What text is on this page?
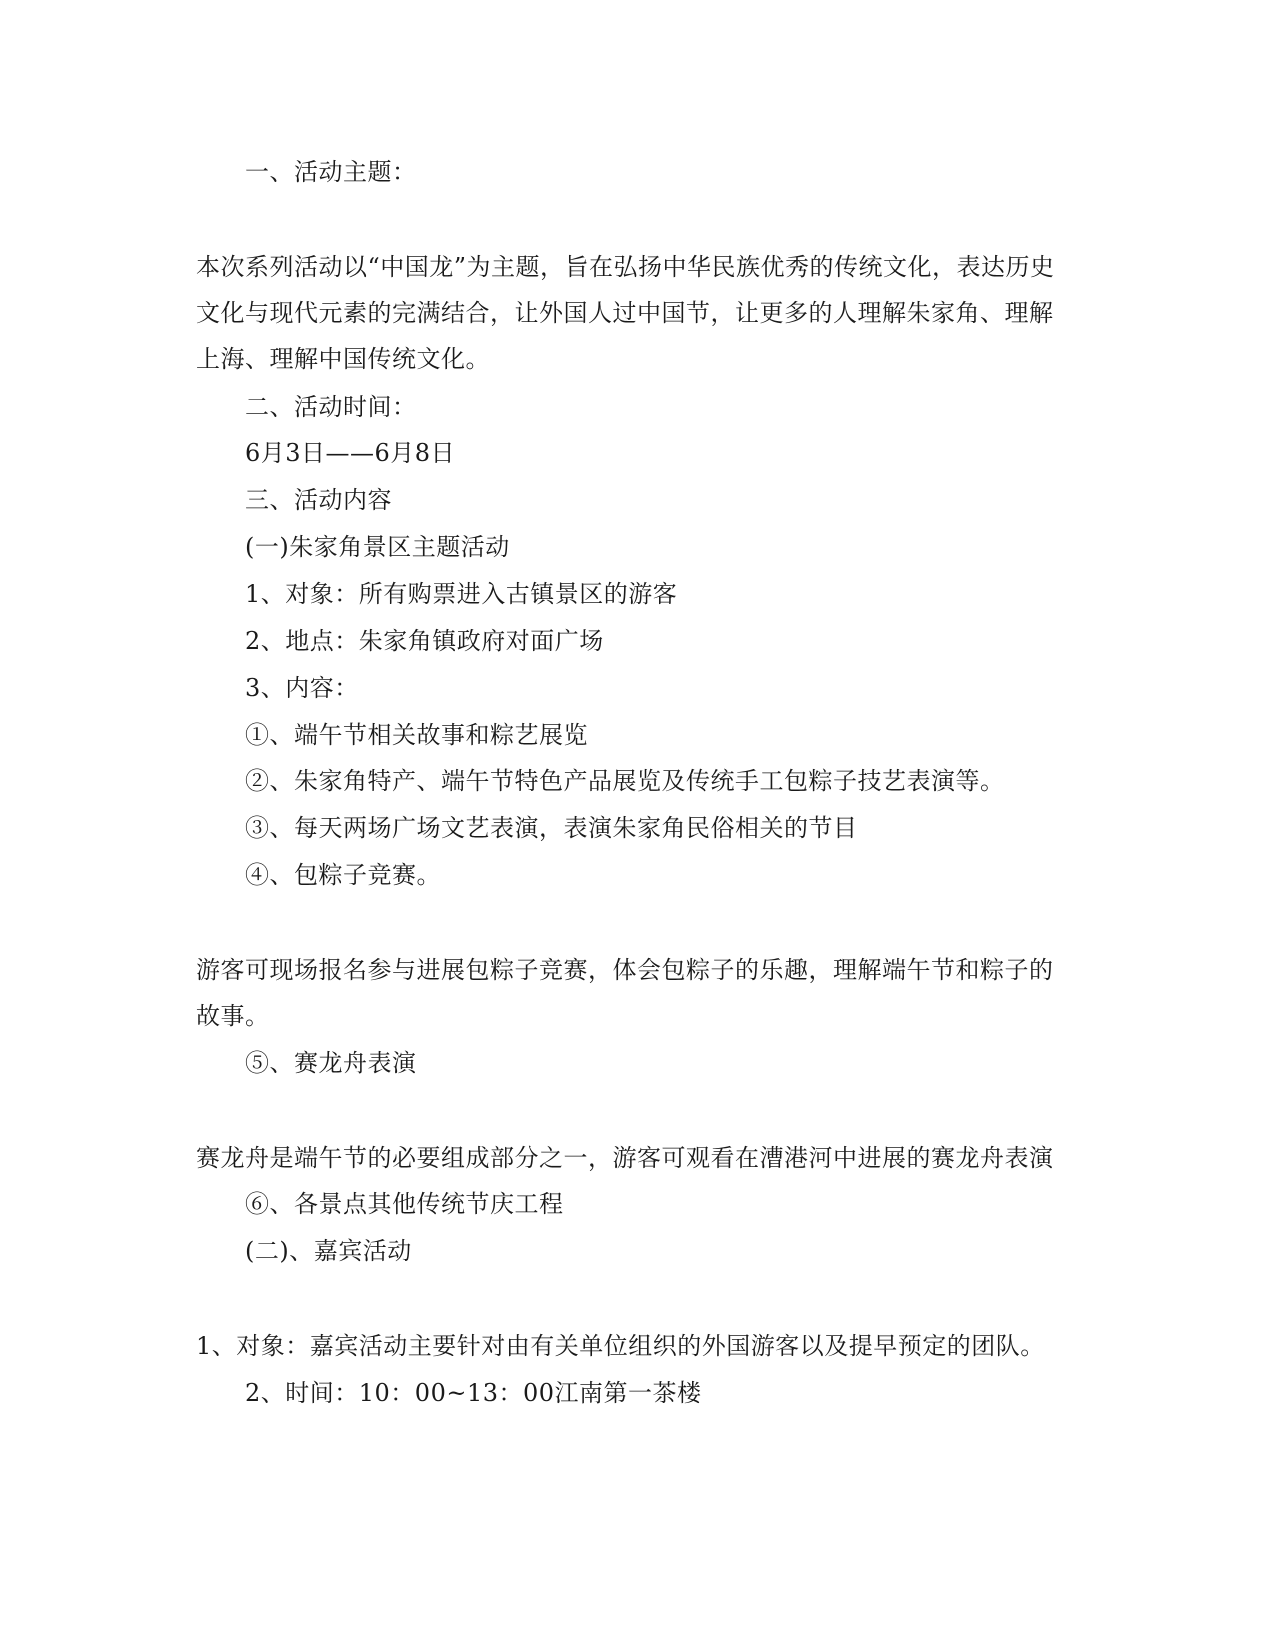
一、活动主题：
本次系列活动以“中国龙”为主题，旨在弘扬中华民族优秀的传统文化，表达历史
文化与现代元素的完满结合，让外国人过中国节，让更多的人理解朱家角、理解
上海、理解中国传统文化。
二、活动时间：
6月3日——6月8日
三、活动内容
(一)朱家角景区主题活动
1、对象：所有购票进入古镇景区的游客
2、地点：朱家角镇政府对面广场
3、内容：
①、端午节相关故事和粽艺展览
②、朱家角特产、端午节特色产品展览及传统手工包粽子技艺表演等。
③、每天两场广场文艺表演，表演朱家角民俗相关的节目
④、包粽子竞赛。
游客可现场报名参与进展包粽子竞赛，体会包粽子的乐趣，理解端午节和粽子的
故事。
⑤、赛龙舟表演
赛龙舟是端午节的必要组成部分之一，游客可观看在漕港河中进展的赛龙舟表演
⑥、各景点其他传统节庆工程
(二)、嘉宾活动
1、对象：嘉宾活动主要针对由有关单位组织的外国游客以及提早预定的团队。
2、时间：10：00~13：00江南第一茶楼
